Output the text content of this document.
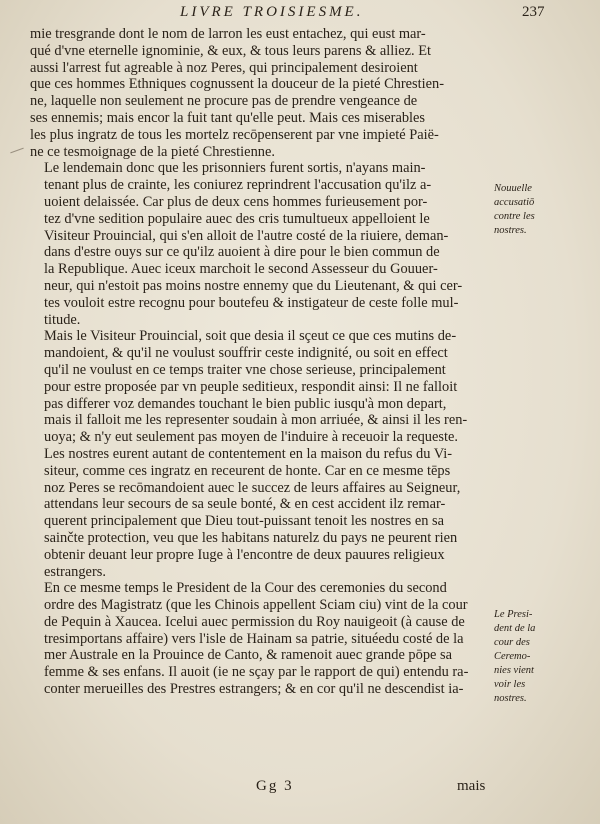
LIVRE TROISIESME.	237

mie tresgrande dont le nom de larron les eust entachez, qui eust mar-
qué d'vne eternelle ignominie, & eux, & tous leurs parens & alliez. Et
aussi l'arrest fut agreable à noz Peres, qui principalement desiroient
que ces hommes Ethniques cognussent la douceur de la pieté Chrestien-
ne, laquelle non seulement ne procure pas de prendre vengeance de
ses ennemis; mais encor la fuit tant qu'elle peut. Mais ces miserables
les plus ingratz de tous les mortelz recōpenserent par vne impieté Paië-
ne ce tesmoignage de la pieté Chrestienne.

Le lendemain donc que les prisonniers furent sortis, n'ayans main-
tenant plus de crainte, les coniurez reprindrent l'accusation qu'ilz a-
uoient delaissée. Car plus de deux cens hommes furieusement por-
tez d'vne sedition populaire auec des cris tumultueux appelloient le
Visiteur Prouincial, qui s'en alloit de l'autre costé de la riuiere, deman-
dans d'estre ouys sur ce qu'ilz auoient à dire pour le bien commun de
la Republique. Auec iceux marchoit le second Assesseur du Gouuer-
neur, qui n'estoit pas moins nostre ennemy que du Lieutenant, & qui cer-
tes vouloit estre recognu pour boutefeu & instigateur de ceste folle mul-
titude.

Mais le Visiteur Prouincial, soit que desia il sçeut ce que ces mutins de-
mandoient, & qu'il ne voulust souffrir ceste indignité, ou soit en effect
qu'il ne voulust en ce temps traiter vne chose serieuse, principalement
pour estre proposée par vn peuple seditieux, respondit ainsi: Il ne falloit
pas differer voz demandes touchant le bien public iusqu'à mon depart,
mais il falloit me les representer soudain à mon arriuée, & ainsi il les ren-
uoya; & n'y eut seulement pas moyen de l'induire à receuoir la requeste.
Les nostres eurent autant de contentement en la maison du refus du Vi-
siteur, comme ces ingratz en receurent de honte. Car en ce mesme tēps
noz Peres se recōmandoient auec le succez de leurs affaires au Seigneur,
attendans leur secours de sa seule bonté, & en cest accident ilz remar-
querent principalement que Dieu tout-puissant tenoit les nostres en sa
sainčte protection, veu que les habitans naturelz du pays ne peurent rien
obtenir deuant leur propre Iuge à l'encontre de deux pauures religieux
estrangers.

En ce mesme temps le President de la Cour des ceremonies du second
ordre des Magistratz (que les Chinois appellent Sciam ciu) vint de la cour
de Pequin à Xaucea. Icelui auec permission du Roy nauigeoit (à cause de
tresimportans affaire) vers l'isle de Hainam sa patrie, situéedu costé de la
mer Australe en la Prouince de Canto, & ramenoit auec grande pōpe sa
femme & ses enfans. Il auoit (ie ne sçay par le rapport de qui) entendu ra-
conter merueilles des Prestres estrangers; & en cor qu'il ne descendist ia-

Nouuelle
accusatiō
contre les
nostres.
Le Presi-
dent de la
cour des
Ceremo-
nies vient
voir les
nostres.
Gg 3	mais
